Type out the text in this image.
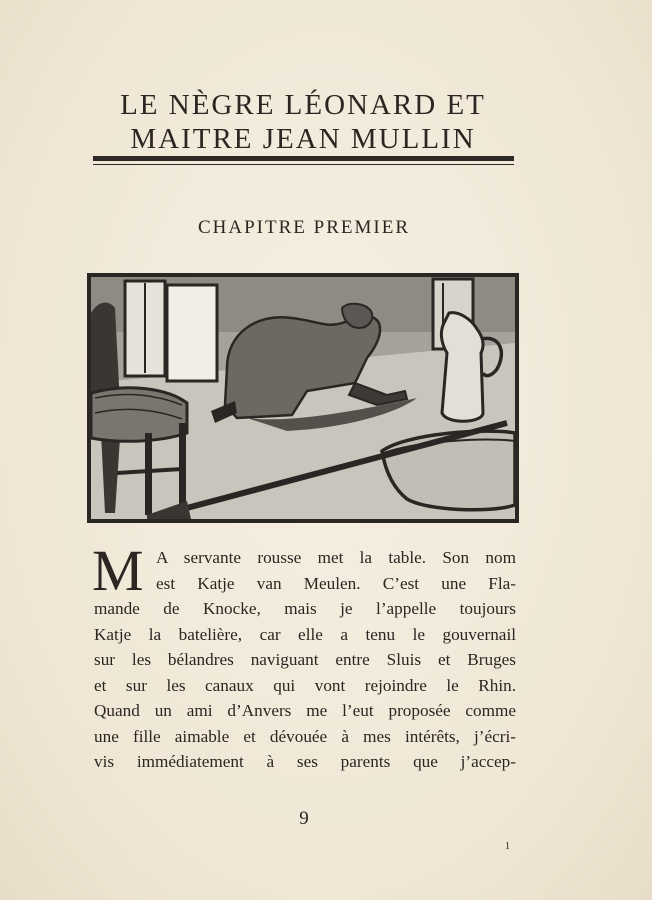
LE NÈGRE LÉONARD ET
MAITRE JEAN MULLIN
CHAPITRE PREMIER
M A servante rousse met la table. Son nom
est Katje van Meulen. C’est une Fla-
mande de Knocke, mais je l’appelle toujours
Katje la batelière, car elle a tenu le gouvernail
sur les bélandres naviguant entre Sluis et Bruges
et sur les canaux qui vont rejoindre le Rhin.
Quand un ami d’Anvers me l’eut proposée comme
une fille aimable et dévouée à mes intérêts, j’écri-
vis immédiatement à ses parents que j’accep-
9
1
